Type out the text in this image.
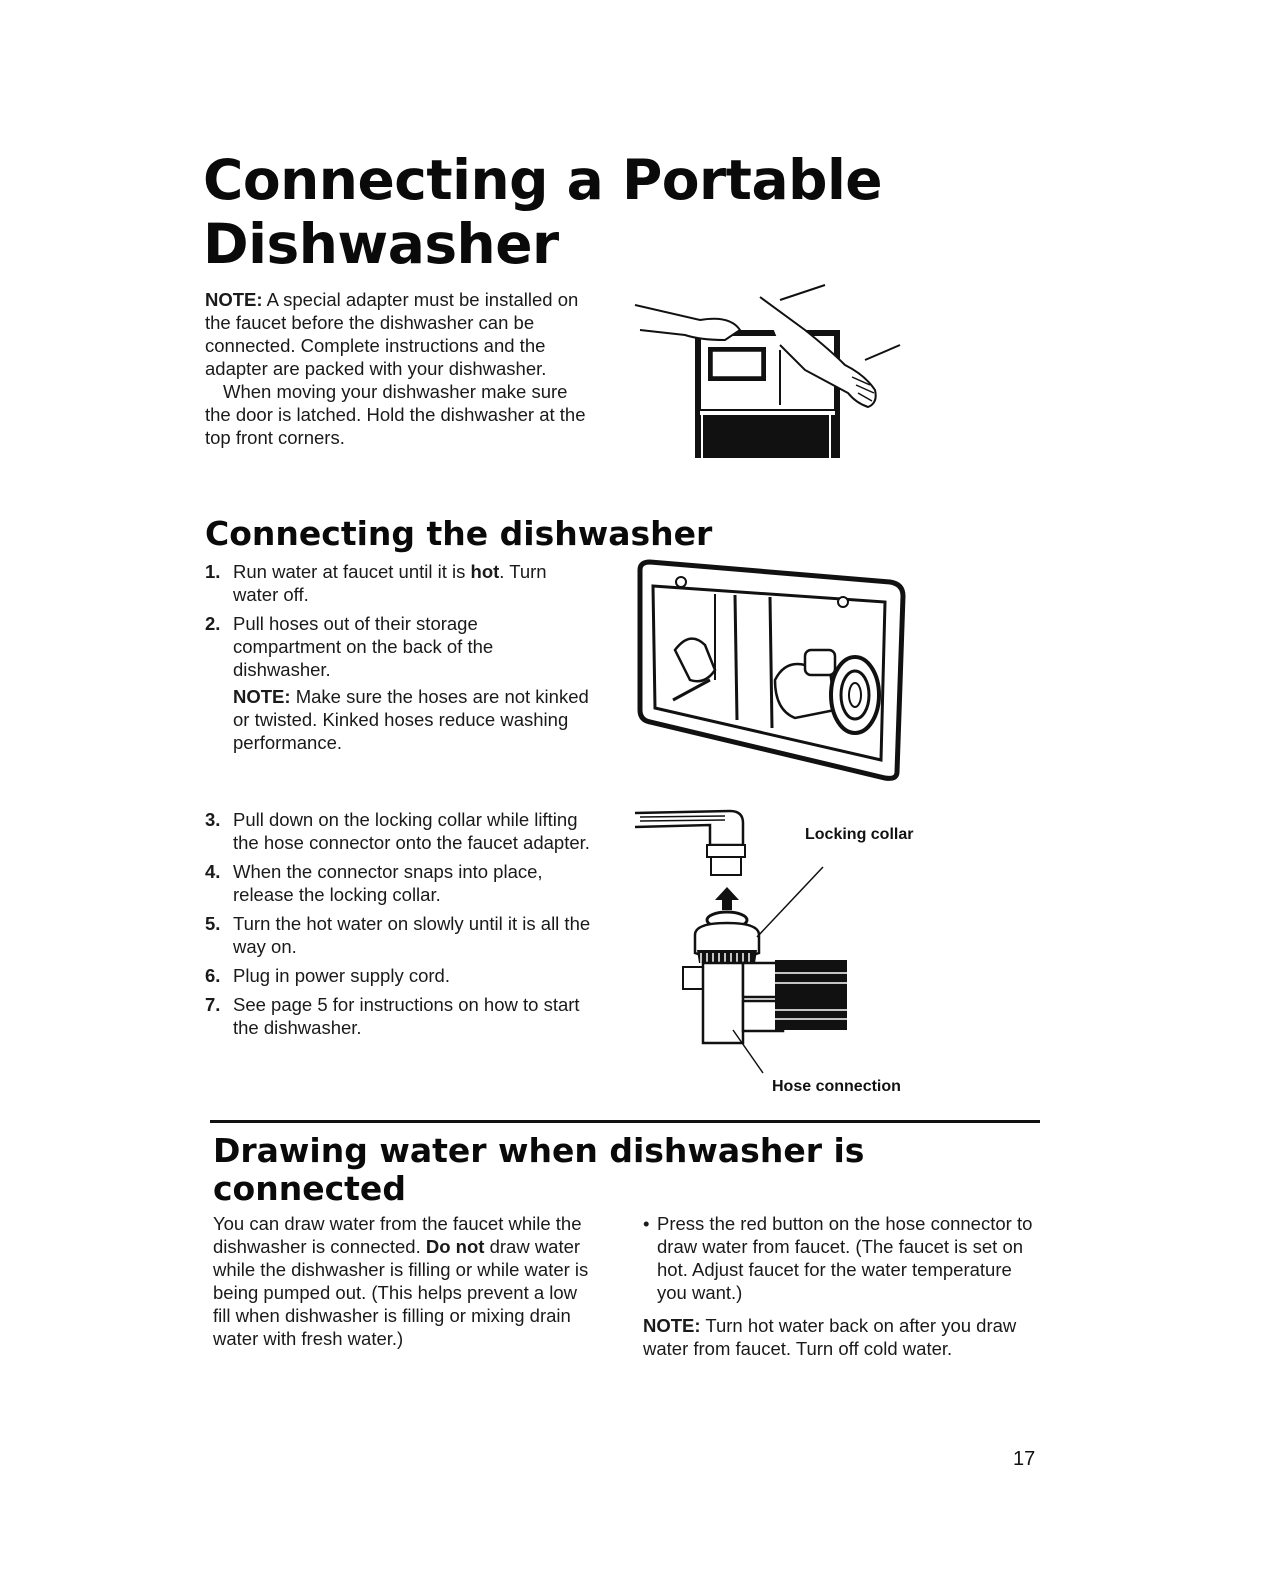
Connecting a Portable Dishwasher
NOTE: A special adapter must be installed on the faucet before the dishwasher can be connected. Complete instructions and the adapter are packed with your dishwasher.
When moving your dishwasher make sure the door is latched. Hold the dishwasher at the top front corners.
Connecting the dishwasher
1. Run water at faucet until it is hot. Turn water off.
2. Pull hoses out of their storage compartment on the back of the dishwasher.
NOTE: Make sure the hoses are not kinked or twisted. Kinked hoses reduce washing performance.
3. Pull down on the locking collar while lifting the hose connector onto the faucet adapter.
4. When the connector snaps into place, release the locking collar.
5. Turn the hot water on slowly until it is all the way on.
6. Plug in power supply cord.
7. See page 5 for instructions on how to start the dishwasher.
Locking collar
Hose connection
Drawing water when dishwasher is connected
You can draw water from the faucet while the dishwasher is connected. Do not draw water while the dishwasher is filling or while water is being pumped out. (This helps prevent a low fill when dishwasher is filling or mixing drain water with fresh water.)
• Press the red button on the hose connector to draw water from faucet. (The faucet is set on hot. Adjust faucet for the water temperature you want.)
NOTE: Turn hot water back on after you draw water from faucet. Turn off cold water.
17
